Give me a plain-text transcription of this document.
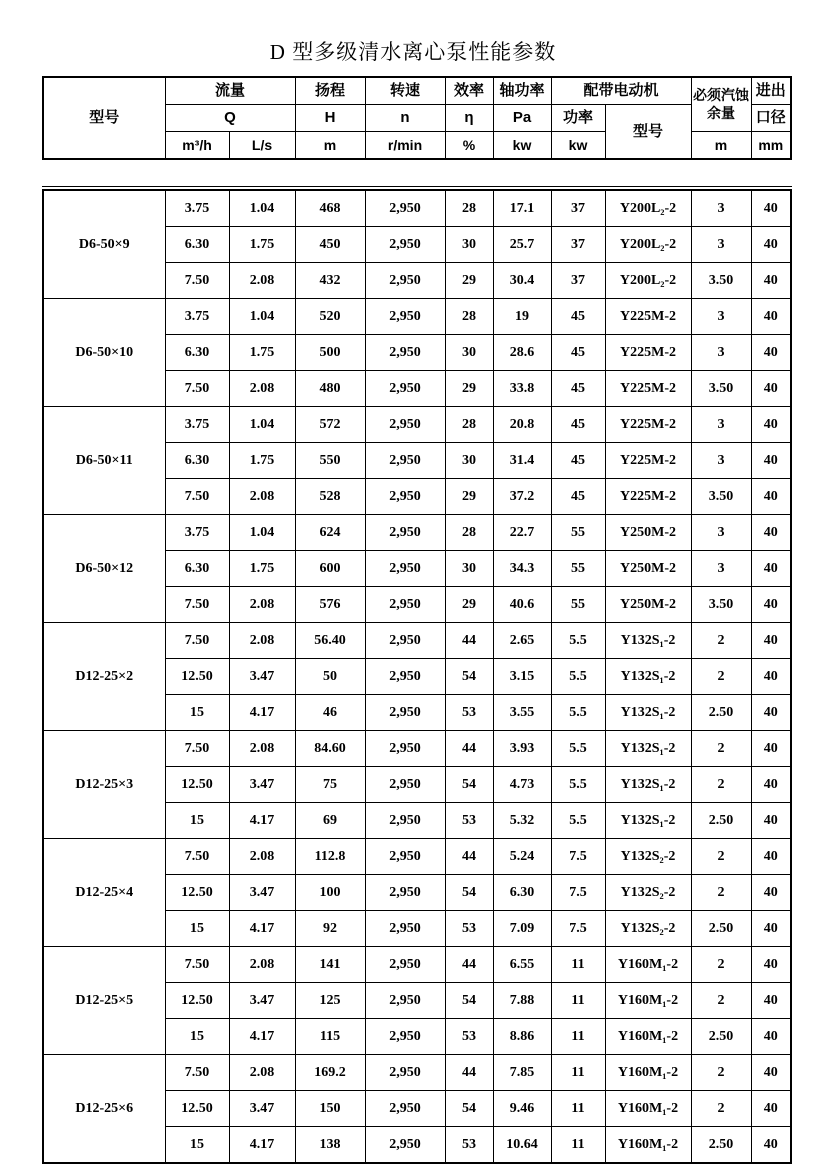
D 型多级清水离心泵性能参数
型号	流量		扬程	转速	效率	轴功率	配带电动机		必须汽蚀余量	进出
	Q		H	n	η	Pa	功率	型号		口径
	m³/h	L/s	m	r/min	%	kw	kw		m	mm
D6-50×9	3.75	1.04	468	2,950	28	17.1	37	Y200L₂-2	3	40
	6.30	1.75	450	2,950	30	25.7	37	Y200L₂-2	3	40
	7.50	2.08	432	2,950	29	30.4	37	Y200L₂-2	3.50	40
D6-50×10	3.75	1.04	520	2,950	28	19	45	Y225M-2	3	40
	6.30	1.75	500	2,950	30	28.6	45	Y225M-2	3	40
	7.50	2.08	480	2,950	29	33.8	45	Y225M-2	3.50	40
D6-50×11	3.75	1.04	572	2,950	28	20.8	45	Y225M-2	3	40
	6.30	1.75	550	2,950	30	31.4	45	Y225M-2	3	40
	7.50	2.08	528	2,950	29	37.2	45	Y225M-2	3.50	40
D6-50×12	3.75	1.04	624	2,950	28	22.7	55	Y250M-2	3	40
	6.30	1.75	600	2,950	30	34.3	55	Y250M-2	3	40
	7.50	2.08	576	2,950	29	40.6	55	Y250M-2	3.50	40
D12-25×2	7.50	2.08	56.40	2,950	44	2.65	5.5	Y132S₁-2	2	40
	12.50	3.47	50	2,950	54	3.15	5.5	Y132S₁-2	2	40
	15	4.17	46	2,950	53	3.55	5.5	Y132S₁-2	2.50	40
D12-25×3	7.50	2.08	84.60	2,950	44	3.93	5.5	Y132S₁-2	2	40
	12.50	3.47	75	2,950	54	4.73	5.5	Y132S₁-2	2	40
	15	4.17	69	2,950	53	5.32	5.5	Y132S₁-2	2.50	40
D12-25×4	7.50	2.08	112.8	2,950	44	5.24	7.5	Y132S₂-2	2	40
	12.50	3.47	100	2,950	54	6.30	7.5	Y132S₂-2	2	40
	15	4.17	92	2,950	53	7.09	7.5	Y132S₂-2	2.50	40
D12-25×5	7.50	2.08	141	2,950	44	6.55	11	Y160M₁-2	2	40
	12.50	3.47	125	2,950	54	7.88	11	Y160M₁-2	2	40
	15	4.17	115	2,950	53	8.86	11	Y160M₁-2	2.50	40
D12-25×6	7.50	2.08	169.2	2,950	44	7.85	11	Y160M₁-2	2	40
	12.50	3.47	150	2,950	54	9.46	11	Y160M₁-2	2	40
	15	4.17	138	2,950	53	10.64	11	Y160M₁-2	2.50	40
